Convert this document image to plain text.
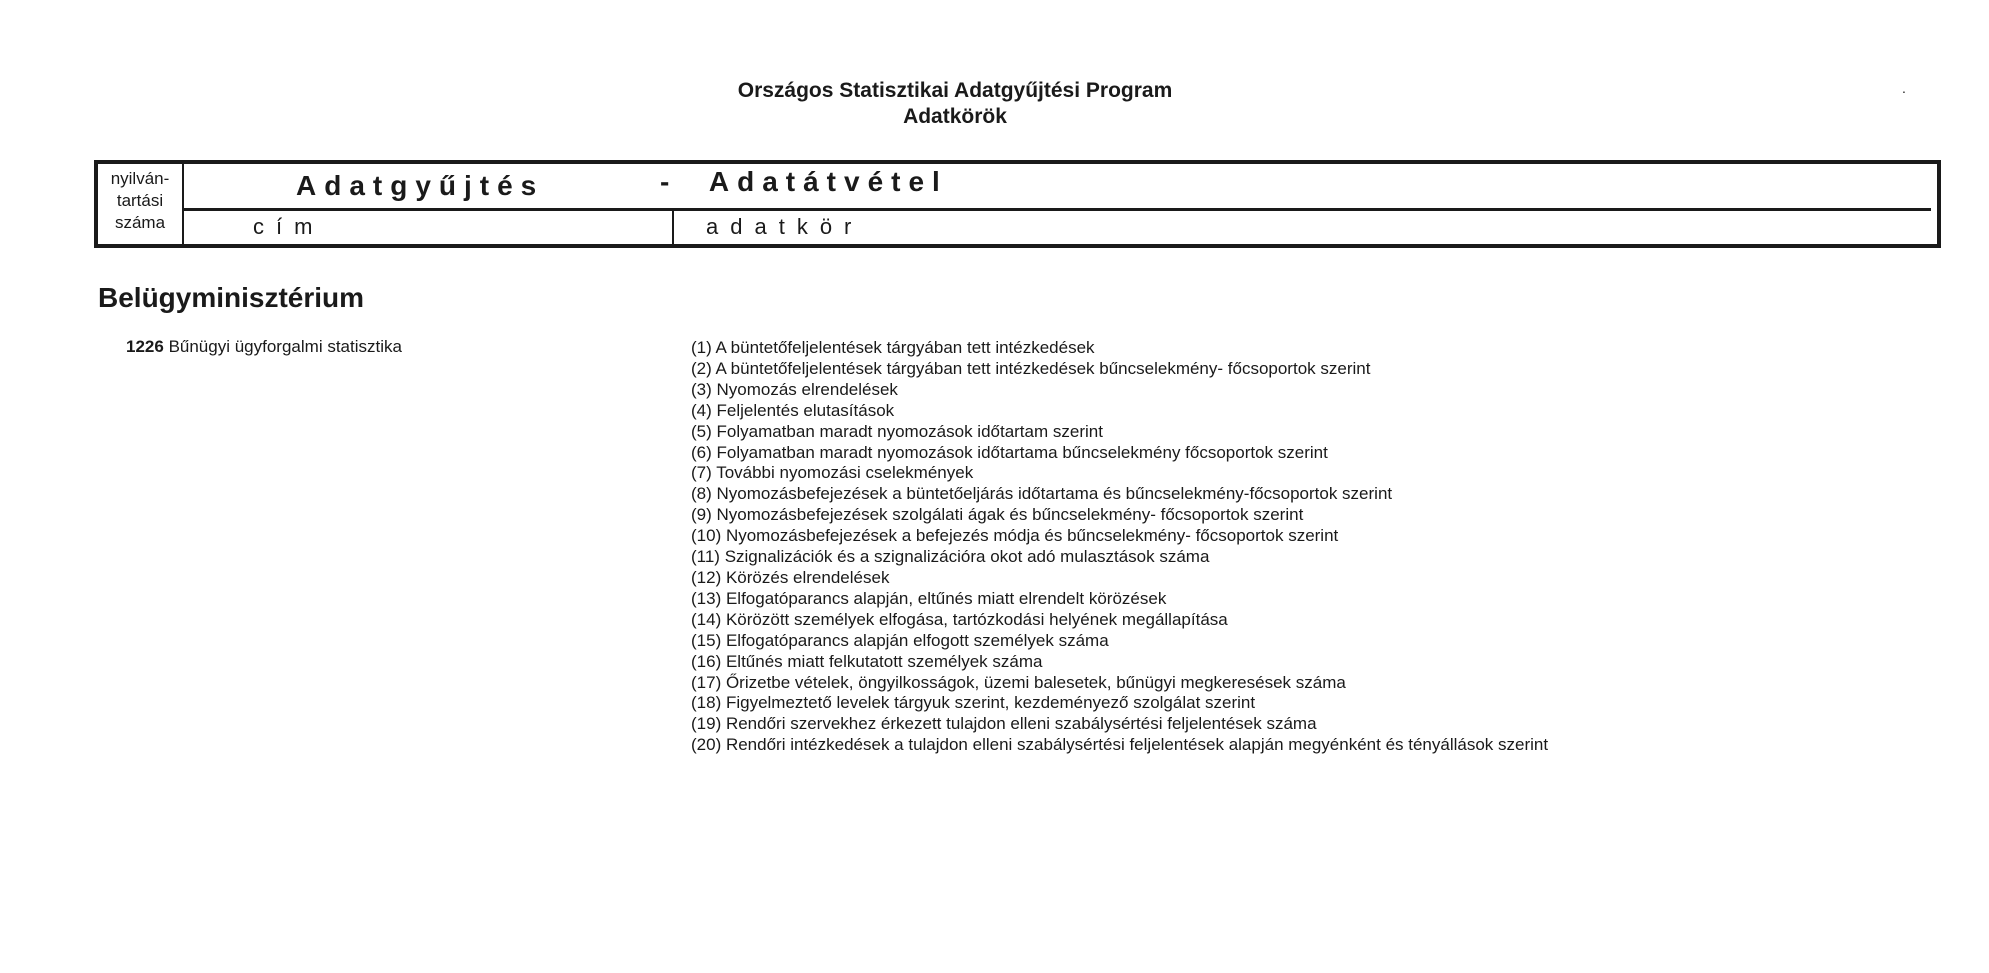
Országos Statisztikai Adatgyűjtési Program
Adatkörök
.
nyilván-
tartási
száma
Adatgyűjtés	- Adatátvétel
cím	adatkör
Belügyminisztérium
1226 Bűnügyi ügyforgalmi statisztika	(1) A büntetőfeljelentések tárgyában tett intézkedések
(2) A büntetőfeljelentések tárgyában tett intézkedések bűncselekmény- főcsoportok szerint
(3) Nyomozás elrendelések
(4) Feljelentés elutasítások
(5) Folyamatban maradt nyomozások időtartam szerint
(6) Folyamatban maradt nyomozások időtartama bűncselekmény főcsoportok szerint
(7) További nyomozási cselekmények
(8) Nyomozásbefejezések a büntetőeljárás időtartama és bűncselekmény-főcsoportok szerint
(9) Nyomozásbefejezések szolgálati ágak és bűncselekmény- főcsoportok szerint
(10) Nyomozásbefejezések a befejezés módja és bűncselekmény- főcsoportok szerint
(11) Szignalizációk és a szignalizációra okot adó mulasztások száma
(12) Körözés elrendelések
(13) Elfogatóparancs alapján, eltűnés miatt elrendelt körözések
(14) Körözött személyek elfogása, tartózkodási helyének megállapítása
(15) Elfogatóparancs alapján elfogott személyek száma
(16) Eltűnés miatt felkutatott személyek száma
(17) Őrizetbe vételek, öngyilkosságok, üzemi balesetek, bűnügyi megkeresések száma
(18) Figyelmeztető levelek tárgyuk szerint, kezdeményező szolgálat szerint
(19) Rendőri szervekhez érkezett tulajdon elleni szabálysértési feljelentések száma
(20) Rendőri intézkedések a tulajdon elleni szabálysértési feljelentések alapján megyénként és tényállások szerint
